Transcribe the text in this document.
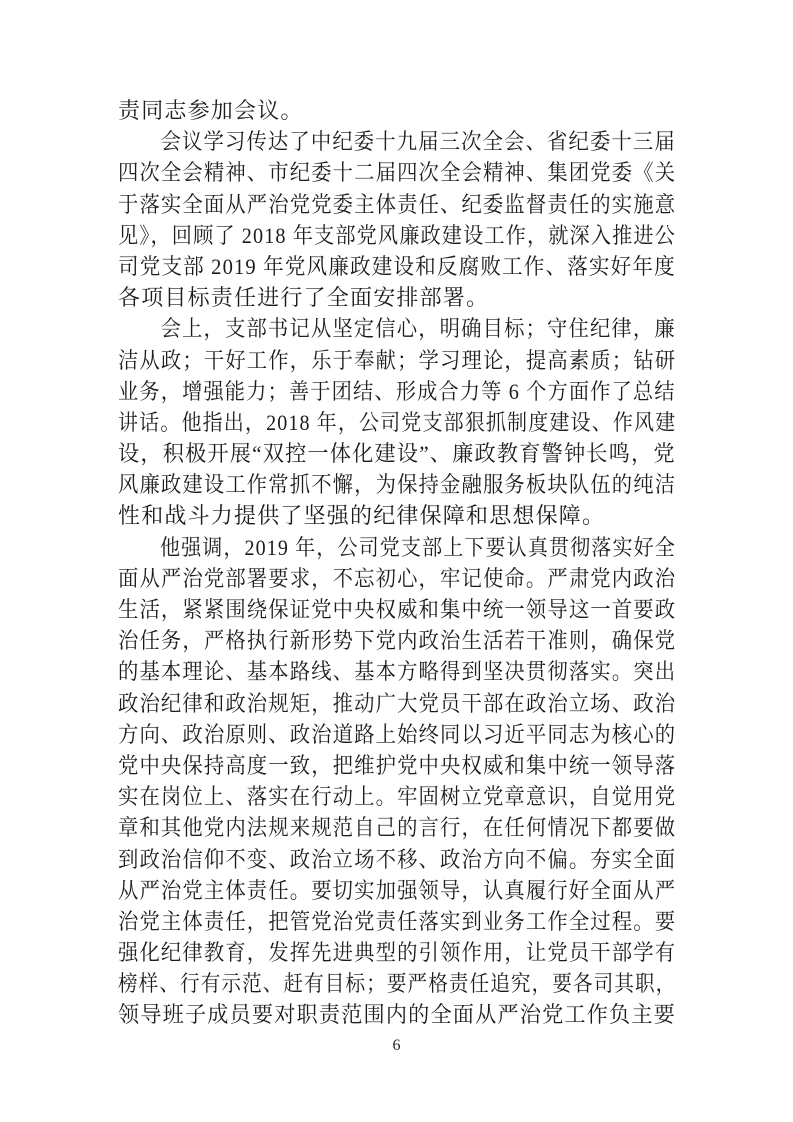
责同志参加会议。
会议学习传达了中纪委十九届三次全会、省纪委十三届
四次全会精神、市纪委十二届四次全会精神、集团党委《关
于落实全面从严治党党委主体责任、纪委监督责任的实施意
见》，回顾了 2018 年支部党风廉政建设工作，就深入推进公
司党支部 2019 年党风廉政建设和反腐败工作、落实好年度
各项目标责任进行了全面安排部署。
会上，支部书记从坚定信心，明确目标；守住纪律，廉
洁从政；干好工作，乐于奉献；学习理论，提高素质；钻研
业务，增强能力；善于团结、形成合力等 6 个方面作了总结
讲话。他指出，2018 年，公司党支部狠抓制度建设、作风建
设，积极开展“双控一体化建设”、廉政教育警钟长鸣，党
风廉政建设工作常抓不懈，为保持金融服务板块队伍的纯洁
性和战斗力提供了坚强的纪律保障和思想保障。
他强调，2019 年，公司党支部上下要认真贯彻落实好全
面从严治党部署要求，不忘初心，牢记使命。严肃党内政治
生活，紧紧围绕保证党中央权威和集中统一领导这一首要政
治任务，严格执行新形势下党内政治生活若干准则，确保党
的基本理论、基本路线、基本方略得到坚决贯彻落实。突出
政治纪律和政治规矩，推动广大党员干部在政治立场、政治
方向、政治原则、政治道路上始终同以习近平同志为核心的
党中央保持高度一致，把维护党中央权威和集中统一领导落
实在岗位上、落实在行动上。牢固树立党章意识，自觉用党
章和其他党内法规来规范自己的言行，在任何情况下都要做
到政治信仰不变、政治立场不移、政治方向不偏。夯实全面
从严治党主体责任。要切实加强领导，认真履行好全面从严
治党主体责任，把管党治党责任落实到业务工作全过程。要
强化纪律教育，发挥先进典型的引领作用，让党员干部学有
榜样、行有示范、赶有目标；要严格责任追究，要各司其职，
领导班子成员要对职责范围内的全面从严治党工作负主要
6
